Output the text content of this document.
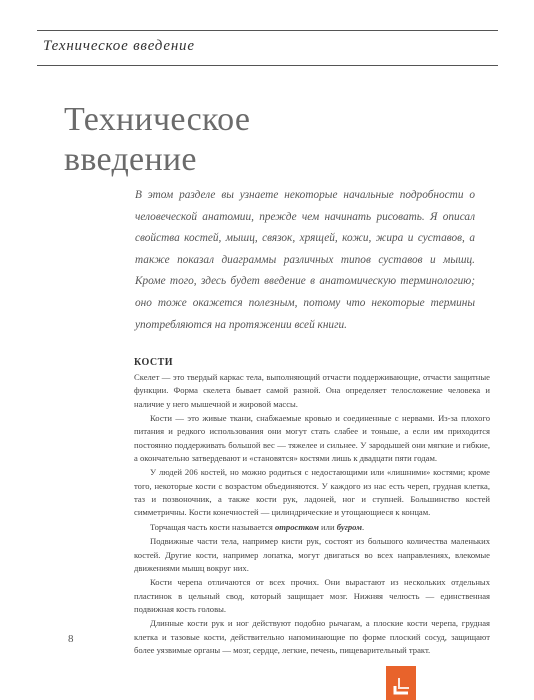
Техническое введение
Техническое
введение
В этом разделе вы узнаете некоторые начальные подробности о человеческой анатомии, прежде чем начинать рисовать. Я описал свойства костей, мышц, связок, хрящей, кожи, жира и суставов, а также показал диаграммы различных типов суставов и мышц. Кроме того, здесь будет введение в анатомическую терминологию; оно тоже окажется полезным, потому что некоторые термины употребляются на протяжении всей книги.
КОСТИ

Скелет — это твердый каркас тела, выполняющий отчасти поддерживающие, отчасти защитные функции. Форма скелета бывает самой разной. Она определяет телосложение человека и наличие у него мышечной и жировой массы.

Кости — это живые ткани, снабжаемые кровью и соединенные с нервами. Из-за плохого питания и редкого использования они могут стать слабее и тоньше, а если им приходится постоянно поддерживать большой вес — тяжелее и сильнее. У зародышей они мягкие и гибкие, а окончательно затвердевают и «становятся» костями лишь к двадцати пяти годам.

У людей 206 костей, но можно родиться с недостающими или «лишними» костями; кроме того, некоторые кости с возрастом объединяются. У каждого из нас есть череп, грудная клетка, таз и позвоночник, а также кости рук, ладоней, ног и ступней. Большинство костей симметричны. Кости конечностей — цилиндрические и утощающиеся к концам.

Торчащая часть кости называется отростком или бугром.

Подвижные части тела, например кисти рук, состоят из большого количества маленьких костей. Другие кости, например лопатка, могут двигаться во всех направлениях, влекомые движениями мышц вокруг них.

Кости черепа отличаются от всех прочих. Они вырастают из нескольких отдельных пластинок в цельный свод, который защищает мозг. Нижняя челюсть — единственная подвижная кость головы.

Длинные кости рук и ног действуют подобно рычагам, а плоские кости черепа, грудная клетка и тазовые кости, действительно напоминающие по форме плоский сосуд, защищают более уязвимые органы — мозг, сердце, легкие, печень, пищеварительный тракт.

8
